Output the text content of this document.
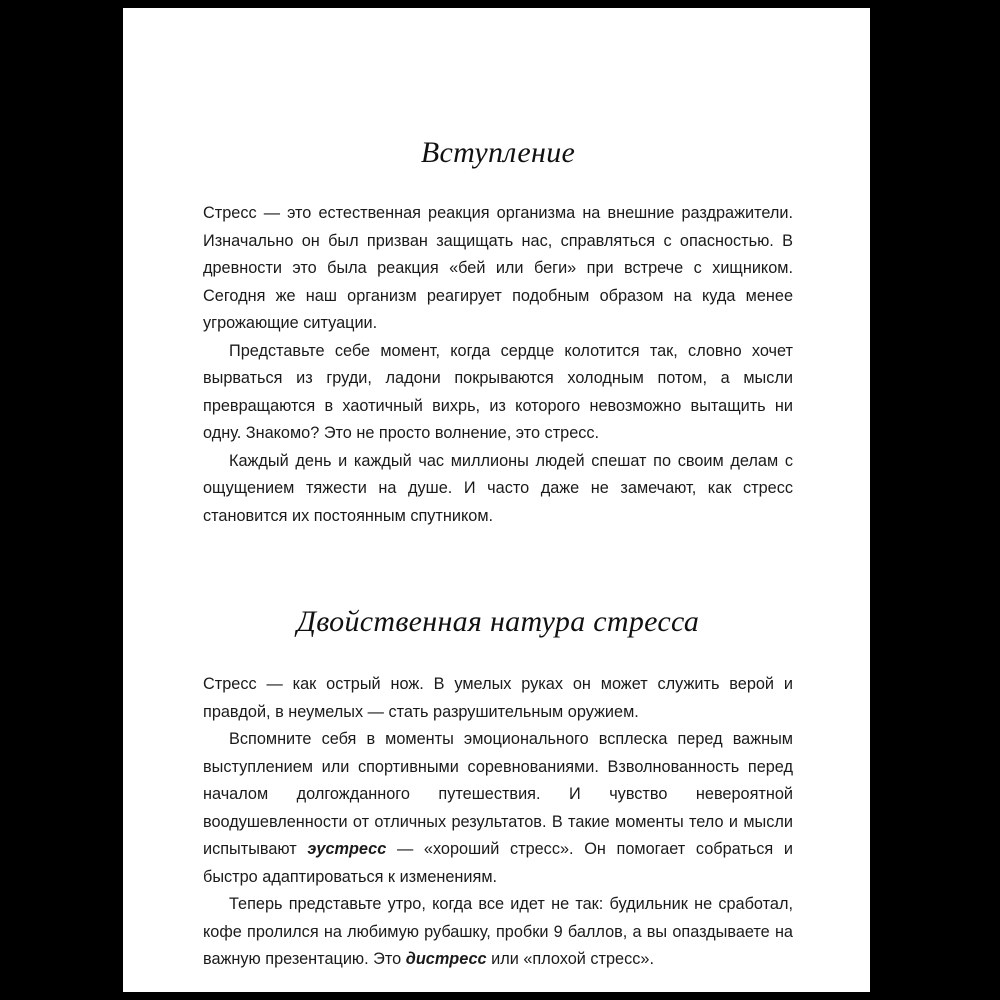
Вступление

Стресс — это естественная реакция организма на внешние раздражители. Изначально он был призван защищать нас, справляться с опасностью. В древности это была реакция «бей или беги» при встрече с хищником. Сегодня же наш организм реагирует подобным образом на куда менее угрожающие ситуации.

Представьте себе момент, когда сердце колотится так, словно хочет вырваться из груди, ладони покрываются холодным потом, а мысли превращаются в хаотичный вихрь, из которого невозможно вытащить ни одну. Знакомо? Это не просто волнение, это стресс.

Каждый день и каждый час миллионы людей спешат по своим делам с ощущением тяжести на душе. И часто даже не замечают, как стресс становится их постоянным спутником.

Двойственная натура стресса

Стресс — как острый нож. В умелых руках он может служить верой и правдой, в неумелых — стать разрушительным оружием.

Вспомните себя в моменты эмоционального всплеска перед важным выступлением или спортивными соревнованиями. Взволнованность перед началом долгожданного путешествия. И чувство невероятной воодушевленности от отличных результатов. В такие моменты тело и мысли испытывают эустресс — «хороший стресс». Он помогает собраться и быстро адаптироваться к изменениям.

Теперь представьте утро, когда все идет не так: будильник не сработал, кофе пролился на любимую рубашку, пробки 9 баллов, а вы опаздываете на важную презентацию. Это дистресс или «плохой стресс».
